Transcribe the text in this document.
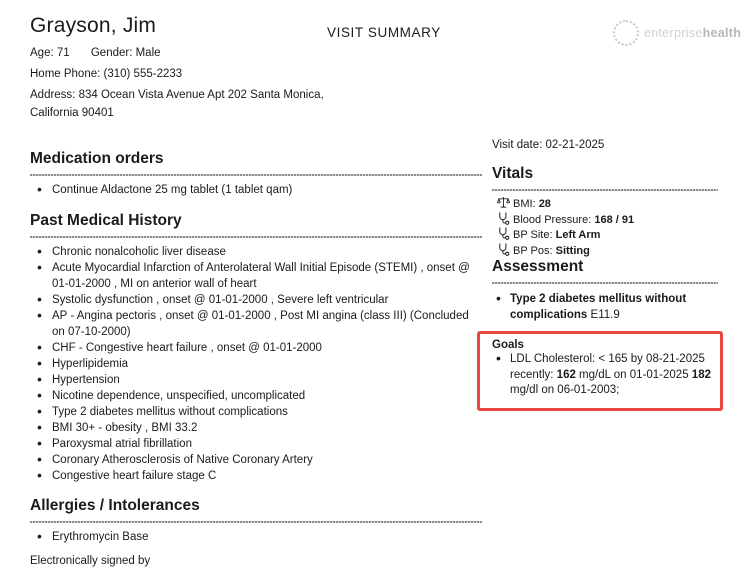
Grayson, Jim
Age: 71 Gender: Male
Home Phone: (310) 555-2233
Address: 834 Ocean Vista Avenue Apt 202 Santa Monica, California 90401
VISIT SUMMARY	enterprisehealth
Medication orders
• Continue Aldactone 25 mg tablet (1 tablet qam)
Past Medical History
• Chronic nonalcoholic liver disease
• Acute Myocardial Infarction of Anterolateral Wall Initial Episode (STEMI) , onset @ 01-01-2000 , MI on anterior wall of heart
• Systolic dysfunction , onset @ 01-01-2000 , Severe left ventricular
• AP - Angina pectoris , onset @ 01-01-2000 , Post MI angina (class III) (Concluded on 07-10-2000)
• CHF - Congestive heart failure , onset @ 01-01-2000
• Hyperlipidemia
• Hypertension
• Nicotine dependence, unspecified, uncomplicated
• Type 2 diabetes mellitus without complications
• BMI 30+ - obesity , BMI 33.2
• Paroxysmal atrial fibrillation
• Coronary Atherosclerosis of Native Coronary Artery
• Congestive heart failure stage C
Allergies / Intolerances
• Erythromycin Base
Electronically signed by
Visit date: 02-21-2025
Vitals
BMI: 28
Blood Pressure: 168 / 91
BP Site: Left Arm
BP Pos: Sitting
Assessment
• Type 2 diabetes mellitus without complications E11.9
Goals
• LDL Cholesterol: < 165 by 08-21-2025    recently: 162 mg/dL on 01-01-2025 182 mg/dl on 06-01-2003;
